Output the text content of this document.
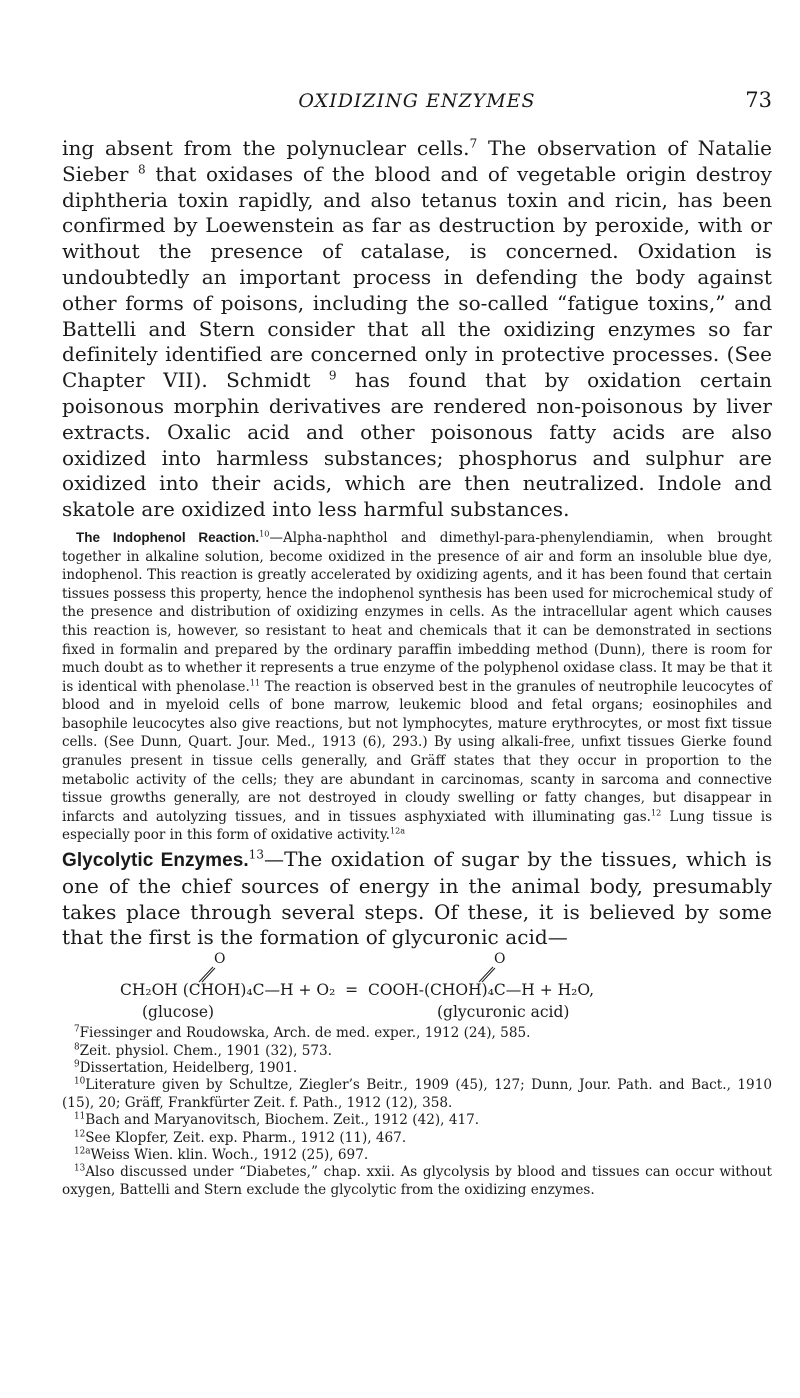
OXIDIZING ENZYMES	73

ing absent from the polynuclear cells.$^7$ The observation of Natalie Sieber $^8$ that oxidases of the blood and of vegetable origin destroy diphtheria toxin rapidly, and also tetanus toxin and ricin, has been confirmed by Loewenstein as far as destruction by peroxide, with or without the presence of catalase, is concerned. Oxidation is undoubtedly an important process in defending the body against other forms of poisons, including the so-called “fatigue toxins,” and Battelli and Stern consider that all the oxidizing enzymes so far definitely identified are concerned only in protective processes. (See Chapter VII). Schmidt $^9$ has found that by oxidation certain poisonous morphin derivatives are rendered non-poisonous by liver extracts. Oxalic acid and other poisonous fatty acids are also oxidized into harmless substances; phosphorus and sulphur are oxidized into their acids, which are then neutralized. Indole and skatole are oxidized into less harmful substances.

The Indophenol Reaction.$^{10}$—Alpha-naphthol and dimethyl-para-phenylendiamin, when brought together in alkaline solution, become oxidized in the presence of air and form an insoluble blue dye, indophenol. This reaction is greatly accelerated by oxidizing agents, and it has been found that certain tissues possess this property, hence the indophenol synthesis has been used for microchemical study of the presence and distribution of oxidizing enzymes in cells. As the intracellular agent which causes this reaction is, however, so resistant to heat and chemicals that it can be demonstrated in sections fixed in formalin and prepared by the ordinary paraffin imbedding method (Dunn), there is room for much doubt as to whether it represents a true enzyme of the polyphenol oxidase class. It may be that it is identical with phenolase.$^{11}$ The reaction is observed best in the granules of neutrophile leucocytes of blood and in myeloid cells of bone marrow, leukemic blood and fetal organs; eosinophiles and basophile leucocytes also give reactions, but not lymphocytes, mature erythrocytes, or most fixt tissue cells. (See Dunn, Quart. Jour. Med., 1913 (6), 293.) By using alkali-free, unfixt tissues Gierke found granules present in tissue cells generally, and Gräff states that they occur in proportion to the metabolic activity of the cells; they are abundant in carcinomas, scanty in sarcoma and connective tissue growths generally, are not destroyed in cloudy swelling or fatty changes, but disappear in infarcts and autolyzing tissues, and in tissues asphyxiated with illuminating gas.$^{12}$ Lung tissue is especially poor in this form of oxidative activity.$^{12a}$

Glycolytic Enzymes.$^{13}$—The oxidation of sugar by the tissues, which is one of the chief sources of energy in the animal body, presumably takes place through several steps. Of these, it is believed by some that the first is the formation of glycuronic acid—

O	O
CH₂OH (CHOH)₄C—H + O₂  =  COOH-(CHOH)₄C—H + H₂O,
(glucose)	(glycuronic acid)
$^7$Fiessinger and Roudowska, Arch. de med. exper., 1912 (24), 585.
$^8$Zeit. physiol. Chem., 1901 (32), 573.
$^9$Dissertation, Heidelberg, 1901.
$^{10}$Literature given by Schultze, Ziegler’s Beitr., 1909 (45), 127; Dunn, Jour. Path. and Bact., 1910 (15), 20; Gräff, Frankfürter Zeit. f. Path., 1912 (12), 358.
$^{11}$Bach and Maryanovitsch, Biochem. Zeit., 1912 (42), 417.
$^{12}$See Klopfer, Zeit. exp. Pharm., 1912 (11), 467.
$^{12a}$Weiss Wien. klin. Woch., 1912 (25), 697.
$^{13}$Also discussed under “Diabetes,” chap. xxii. As glycolysis by blood and tissues can occur without oxygen, Battelli and Stern exclude the glycolytic from the oxidizing enzymes.
